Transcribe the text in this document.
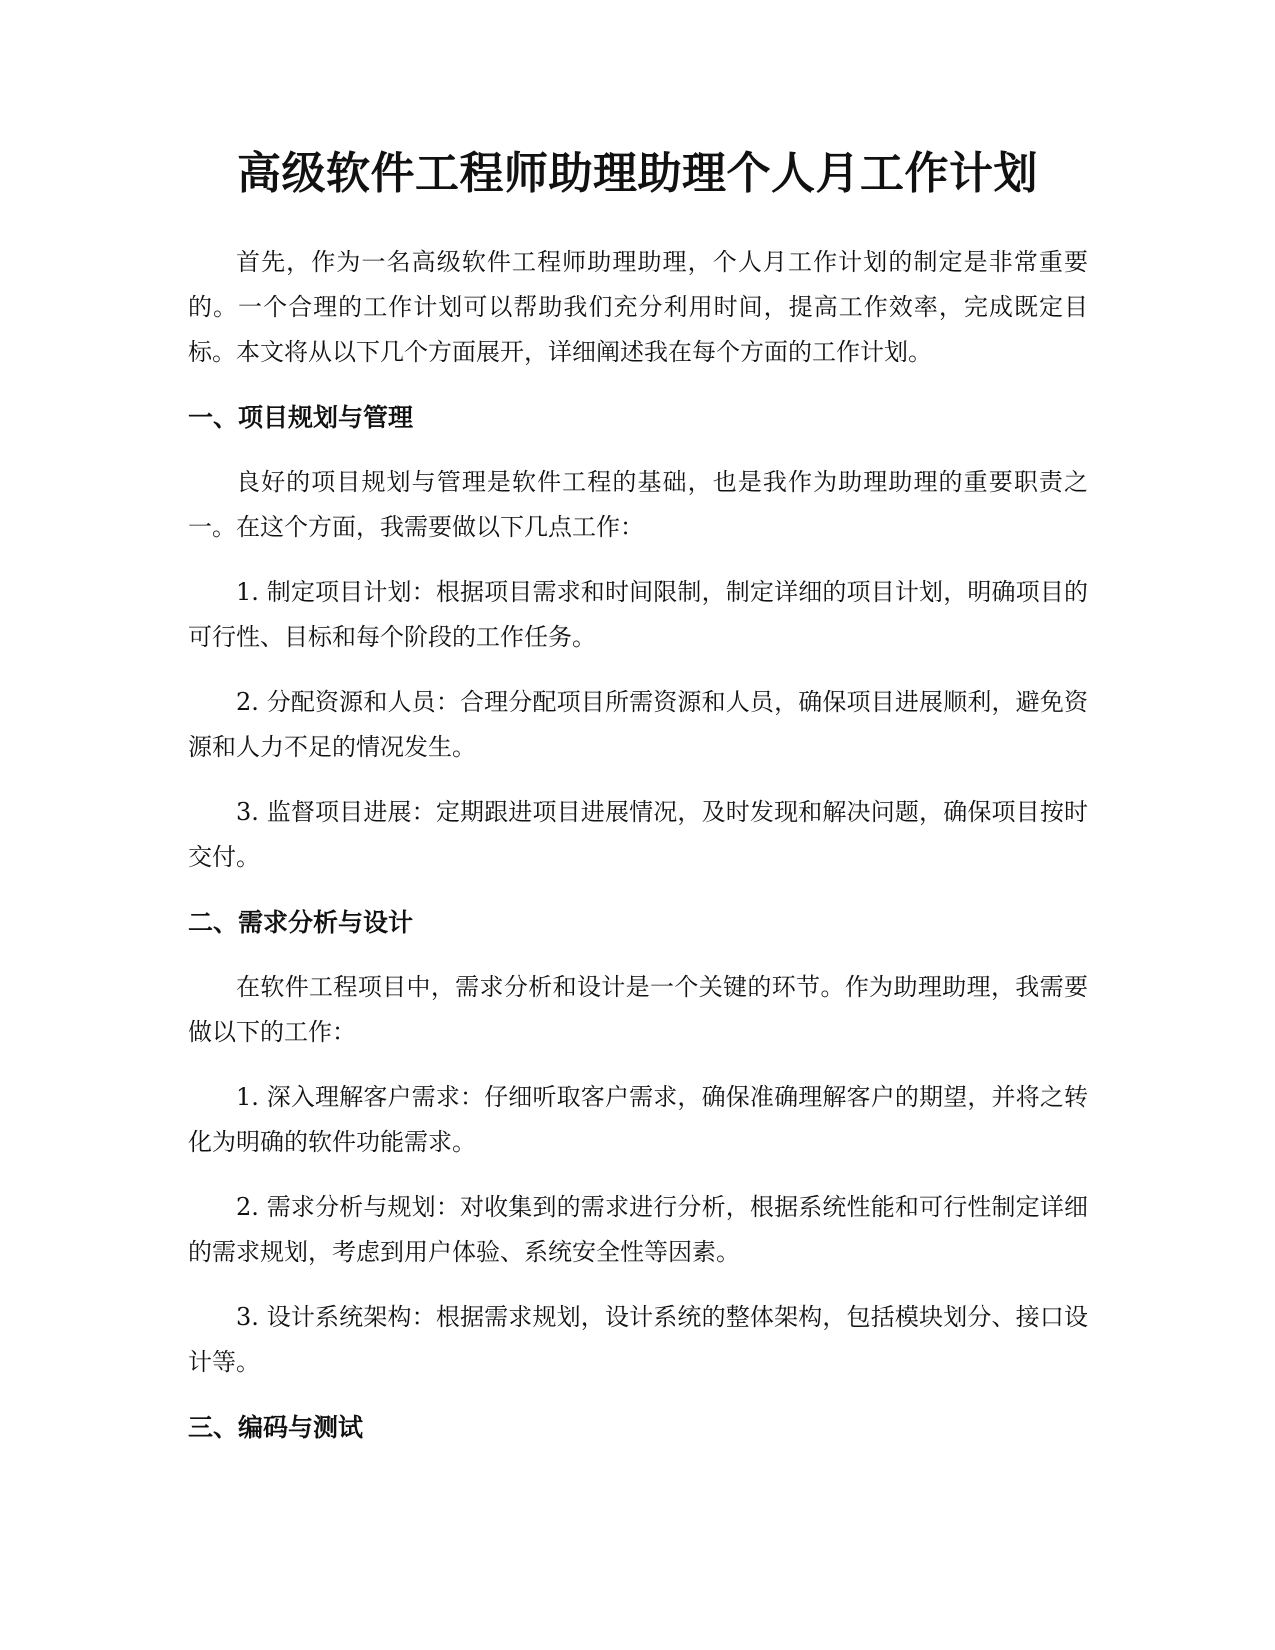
高级软件工程师助理助理个人月工作计划

首先，作为一名高级软件工程师助理助理，个人月工作计划的制定是非常重要的。一个合理的工作计划可以帮助我们充分利用时间，提高工作效率，完成既定目标。本文将从以下几个方面展开，详细阐述我在每个方面的工作计划。

一、项目规划与管理

良好的项目规划与管理是软件工程的基础，也是我作为助理助理的重要职责之一。在这个方面，我需要做以下几点工作：

1. 制定项目计划：根据项目需求和时间限制，制定详细的项目计划，明确项目的可行性、目标和每个阶段的工作任务。

2. 分配资源和人员：合理分配项目所需资源和人员，确保项目进展顺利，避免资源和人力不足的情况发生。

3. 监督项目进展：定期跟进项目进展情况，及时发现和解决问题，确保项目按时交付。

二、需求分析与设计

在软件工程项目中，需求分析和设计是一个关键的环节。作为助理助理，我需要做以下的工作：

1. 深入理解客户需求：仔细听取客户需求，确保准确理解客户的期望，并将之转化为明确的软件功能需求。

2. 需求分析与规划：对收集到的需求进行分析，根据系统性能和可行性制定详细的需求规划，考虑到用户体验、系统安全性等因素。

3. 设计系统架构：根据需求规划，设计系统的整体架构，包括模块划分、接口设计等。

三、编码与测试
